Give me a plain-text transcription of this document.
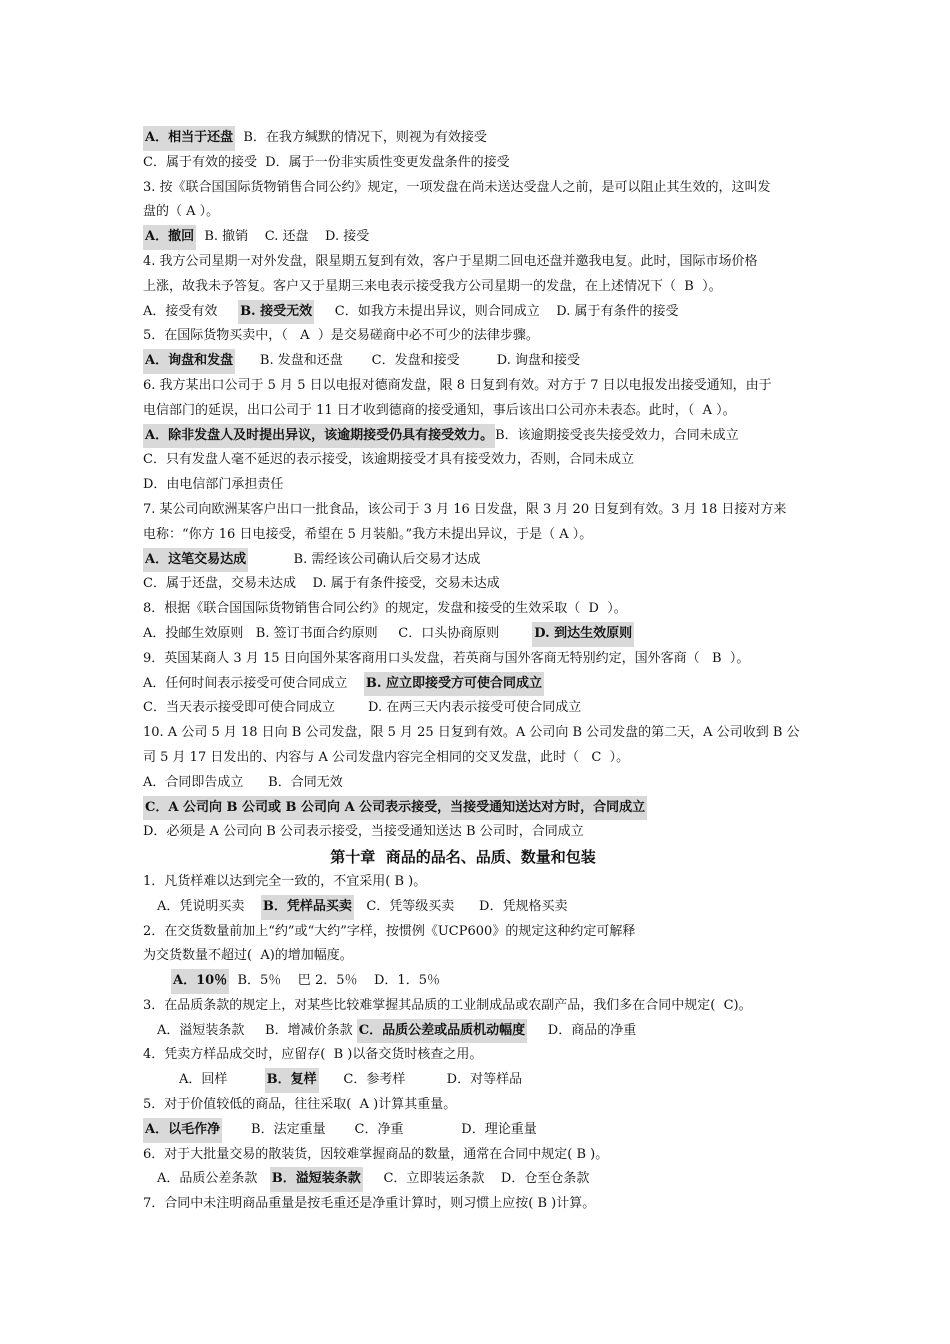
A．相当于还盘  B．在我方缄默的情况下，则视为有效接受
C．属于有效的接受  D．属于一份非实质性变更发盘条件的接受
3. 按《联合国国际货物销售合同公约》规定，一项发盘在尚未送达受盘人之前，是可以阻止其生效的，这叫发
盘的（ A ）。
A．撤回  B. 撤销    C. 还盘    D. 接受
4. 我方公司星期一对外发盘，限星期五复到有效，客户于星期二回电还盘并邀我电复。此时，国际市场价格
上涨，故我未予答复。客户又于星期三来电表示接受我方公司星期一的发盘，在上述情况下（  B  ）。
A．接受有效     B. 接受无效     C．如我方未提出异议，则合同成立    D. 属于有条件的接受
5．在国际货物买卖中，（   A  ）是交易磋商中必不可少的法律步骤。
A．询盘和发盘      B. 发盘和还盘       C．发盘和接受         D. 询盘和接受
6. 我方某出口公司于 5 月 5 日以电报对德商发盘，限 8 日复到有效。对方于 7 日以电报发出接受通知，由于
电信部门的延误，出口公司于 11 日才收到德商的接受通知，事后该出口公司亦未表态。此时，（  A ）。
A．除非发盘人及时提出异议，该逾期接受仍具有接受效力。 B．该逾期接受丧失接受效力，合同未成立
C．只有发盘人毫不延迟的表示接受，该逾期接受才具有接受效力，否则，合同未成立
D．由电信部门承担责任
7. 某公司向欧洲某客户出口一批食品，该公司于 3 月 16 日发盘，限 3 月 20 日复到有效。3 月 18 日接对方来
电称：“你方 16 日电接受，希望在 5 月装船。”我方未提出异议，于是（ A ）。
A．这笔交易达成           B. 需经该公司确认后交易才达成
C．属于还盘，交易未达成    D. 属于有条件接受，交易未达成
8．根据《联合国国际货物销售合同公约》的规定，发盘和接受的生效采取（  D  ）。
A．投邮生效原则   B. 签订书面合约原则     C．口头协商原则        D. 到达生效原则
9．英国某商人 3 月 15 日向国外某客商用口头发盘，若英商与国外客商无特别约定，国外客商（   B  ）。
A．任何时间表示接受可使合同成立    B. 应立即接受方可使合同成立
C．当天表示接受即可使合同成立        D. 在两三天内表示接受可使合同成立
10. A 公司 5 月 18 日向 B 公司发盘，限 5 月 25 日复到有效。A 公司向 B 公司发盘的第二天，A 公司收到 B 公
司 5 月 17 日发出的、内容与 A 公司发盘内容完全相同的交叉发盘，此时（   C  ）。
A．合同即告成立      B．合同无效
C．A 公司向 B 公司或 B 公司向 A 公司表示接受，当接受通知送达对方时，合同成立
D．必须是 A 公司向 B 公司表示接受，当接受通知送达 B 公司时，合同成立
第十章  商品的品名、品质、数量和包装
1．凡货样难以达到完全一致的，不宜采用( B )。
A．凭说明买卖    B．凭样品买卖   C．凭等级买卖      D．凭规格买卖
2．在交货数量前加上“约”或“大约”字样，按惯例《UCP600》的规定这种约定可解释
为交货数量不超过(  A)的增加幅度。
A．10％  B．5％    巴 2．5％    D．1．5％
3．在品质条款的规定上，对某些比较难掌握其品质的工业制成品或农副产品，我们多在合同中规定(  C)。
A．溢短装条款     B．增减价条款 C．品质公差或品质机动幅度     D．商品的净重
4．凭卖方样品成交时，应留存(  B )以备交货时核查之用。
A．回样         B．复样      C．参考样          D．对等样品
5．对于价值较低的商品，往往采取(  A )计算其重量。
A．以毛作净       B．法定重量       C．净重              D．理论重量
6．对于大批量交易的散装货，因较难掌握商品的数量，通常在合同中规定( B )。
A．品质公差条款   B．溢短装条款     C．立即装运条款    D．仓至仓条款
7．合同中未注明商品重量是按毛重还是净重计算时，则习惯上应按( B )计算。
